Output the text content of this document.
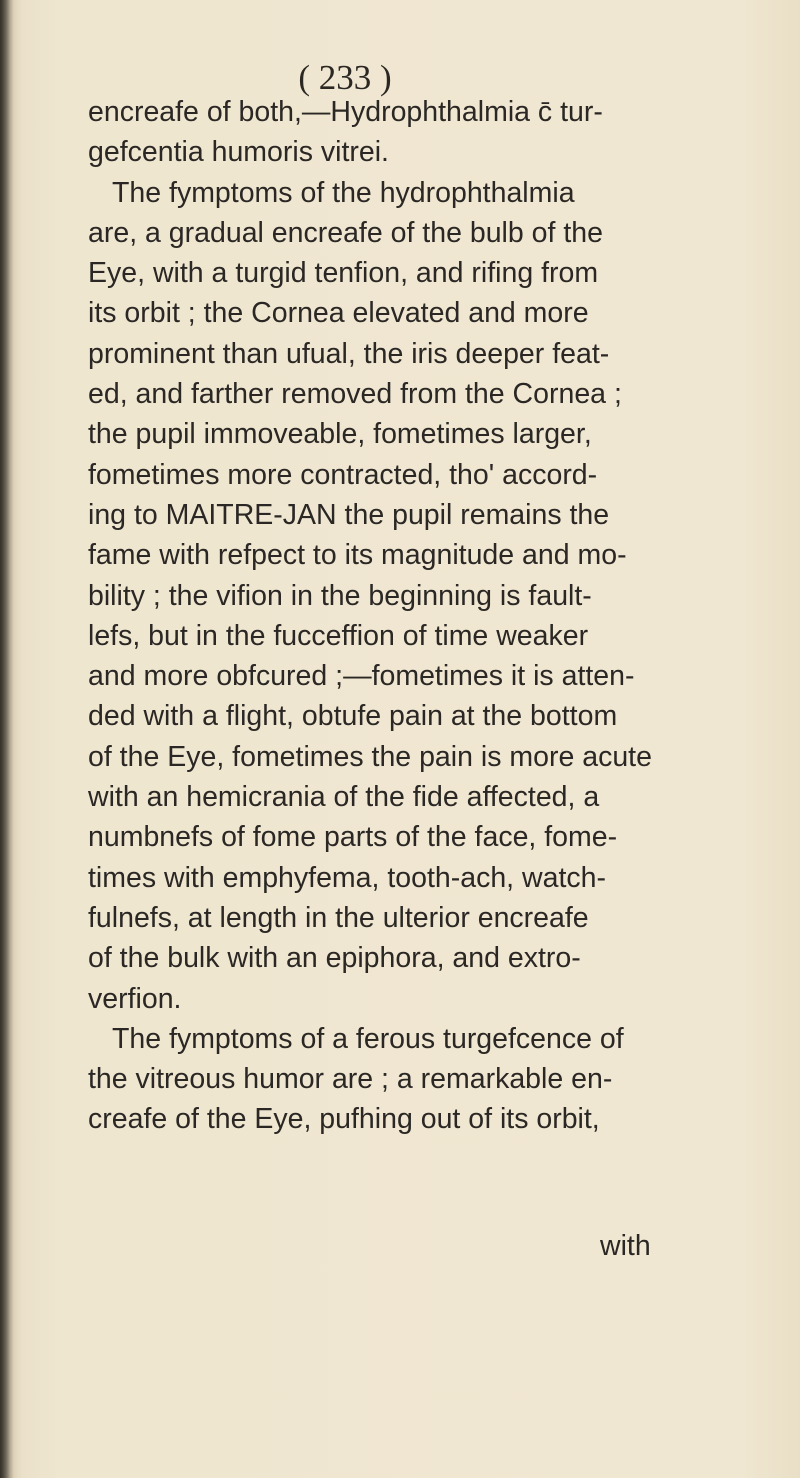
( 233 )
encreafe of both,—Hydrophthalmia c̄ tur-
gefcentia humoris vitrei.
The fymptoms of the hydrophthalmia
are, a gradual encreafe of the bulb of the
Eye, with a turgid tenfion, and rifing from
its orbit ; the Cornea elevated and more
prominent than ufual, the iris deeper feat-
ed, and farther removed from the Cornea ;
the pupil immoveable, fometimes larger,
fometimes more contracted, tho' accord-
ing to MAITRE-JAN the pupil remains the
fame with refpect to its magnitude and mo-
bility ; the vifion in the beginning is fault-
lefs, but in the fucceffion of time weaker
and more obfcured ;—fometimes it is atten-
ded with a flight, obtufe pain at the bottom
of the Eye, fometimes the pain is more acute
with an hemicrania of the fide affected, a
numbnefs of fome parts of the face, fome-
times with emphyfema, tooth-ach, watch-
fulnefs, at length in the ulterior encreafe
of the bulk with an epiphora, and extro-
verfion.
The fymptoms of a ferous turgefcence of
the vitreous humor are ; a remarkable en-
creafe of the Eye, pufhing out of its orbit,
with
